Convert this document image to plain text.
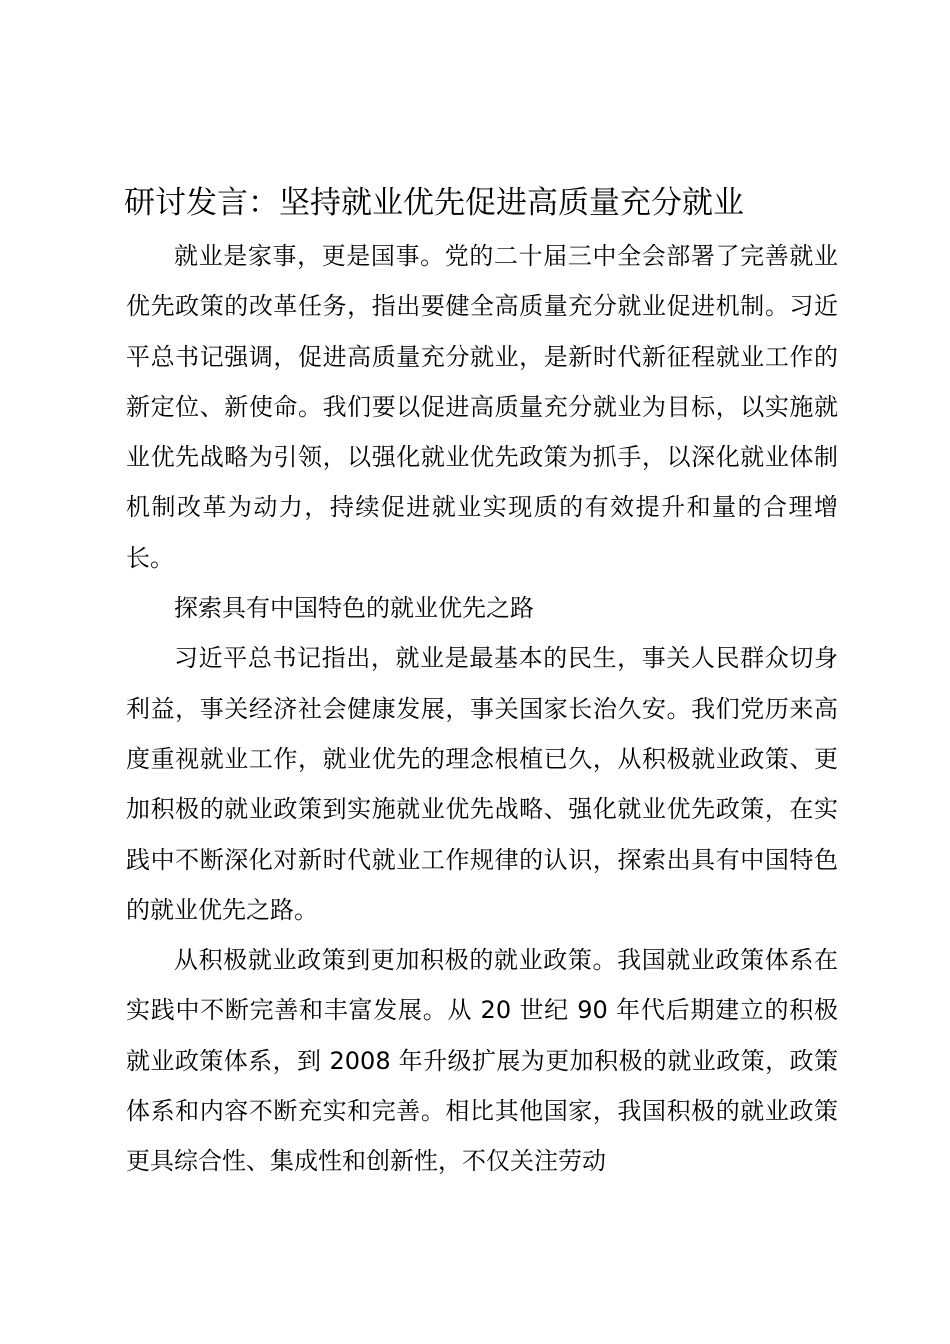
研讨发言：坚持就业优先促进高质量充分就业

就业是家事，更是国事。党的二十届三中全会部署了完善就业优先政策的改革任务，指出要健全高质量充分就业促进机制。习近平总书记强调，促进高质量充分就业，是新时代新征程就业工作的新定位、新使命。我们要以促进高质量充分就业为目标，以实施就业优先战略为引领，以强化就业优先政策为抓手，以深化就业体制机制改革为动力，持续促进就业实现质的有效提升和量的合理增长。

探索具有中国特色的就业优先之路

习近平总书记指出，就业是最基本的民生，事关人民群众切身利益，事关经济社会健康发展，事关国家长治久安。我们党历来高度重视就业工作，就业优先的理念根植已久，从积极就业政策、更加积极的就业政策到实施就业优先战略、强化就业优先政策，在实践中不断深化对新时代就业工作规律的认识，探索出具有中国特色的就业优先之路。

从积极就业政策到更加积极的就业政策。我国就业政策体系在实践中不断完善和丰富发展。从 20 世纪 90 年代后期建立的积极就业政策体系，到 2008 年升级扩展为更加积极的就业政策，政策体系和内容不断充实和完善。相比其他国家，我国积极的就业政策更具综合性、集成性和创新性，不仅关注劳动
